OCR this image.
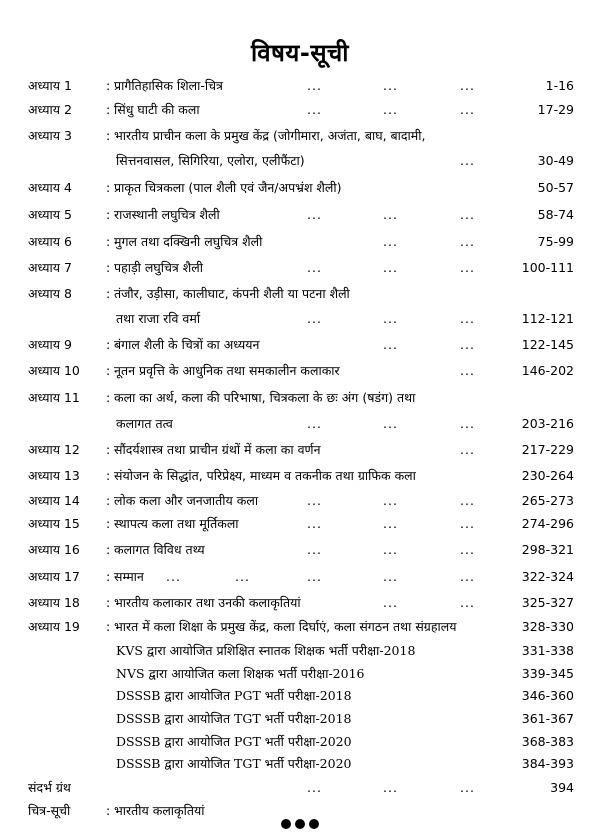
विषय-सूची
अध्याय 1	: प्रागैतिहासिक शिला-चित्र	...	...	...	1-16
अध्याय 2	: सिंधु घाटी की कला	...	...	...	17-29
अध्याय 3	: भारतीय प्राचीन कला के प्रमुख केंद्र (जोगीमारा, अजंता, बाघ, बादामी,
सित्तनवासल, सिगिरिया, एलोरा, एलीफैंटा)	...	30-49
अध्याय 4	: प्राकृत चित्रकला (पाल शैली एवं जैन/अपभ्रंश शैली)	50-57
अध्याय 5	: राजस्थानी लघुचित्र शैली	...	...	...	58-74
अध्याय 6	: मुगल तथा दक्खिनी लघुचित्र शैली	...	...	75-99
अध्याय 7	: पहाड़ी लघुचित्र शैली	...	...	...	100-111
अध्याय 8	: तंजौर, उड़ीसा, कालीघाट, कंपनी शैली या पटना शैली
तथा राजा रवि वर्मा	...	...	...	112-121
अध्याय 9	: बंगाल शैली के चित्रों का अध्ययन	...	...	122-145
अध्याय 10 : नूतन प्रवृत्ति के आधुनिक तथा समकालीन कलाकार	...	146-202
अध्याय 11 : कला का अर्थ, कला की परिभाषा, चित्रकला के छः अंग (षडंग) तथा
कलागत तत्व	...	...	...	203-216
अध्याय 12 : सौंदर्यशास्त्र तथा प्राचीन ग्रंथों में कला का वर्णन	...	217-229
अध्याय 13 : संयोजन के सिद्धांत, परिप्रेक्ष्य, माध्यम व तकनीक तथा ग्राफिक कला	230-264
अध्याय 14 : लोक कला और जनजातीय कला	...	...	...	265-273
अध्याय 15 : स्थापत्य कला तथा मूर्तिकला	...	...	...	274-296
अध्याय 16 : कलागत विविध तथ्य	...	...	...	298-321
अध्याय 17 : सम्मान ...	...	...	...	...	322-324
अध्याय 18 : भारतीय कलाकार तथा उनकी कलाकृतियां	...	...	325-327
अध्याय 19 : भारत में कला शिक्षा के प्रमुख केंद्र, कला दिर्घाएं, कला संगठन तथा संग्रहालय	328-330
KVS द्वारा आयोजित प्रशिक्षित स्नातक शिक्षक भर्ती परीक्षा-2018	331-338
NVS द्वारा आयोजित कला शिक्षक भर्ती परीक्षा-2016	339-345
DSSSB द्वारा आयोजित PGT भर्ती परीक्षा-2018	346-360
DSSSB द्वारा आयोजित TGT भर्ती परीक्षा-2018	361-367
DSSSB द्वारा आयोजित PGT भर्ती परीक्षा-2020	368-383
DSSSB द्वारा आयोजित TGT भर्ती परीक्षा-2020	384-393
संदर्भ ग्रंथ	...	...	...	394
चित्र-सूची	: भारतीय कलाकृतियां
